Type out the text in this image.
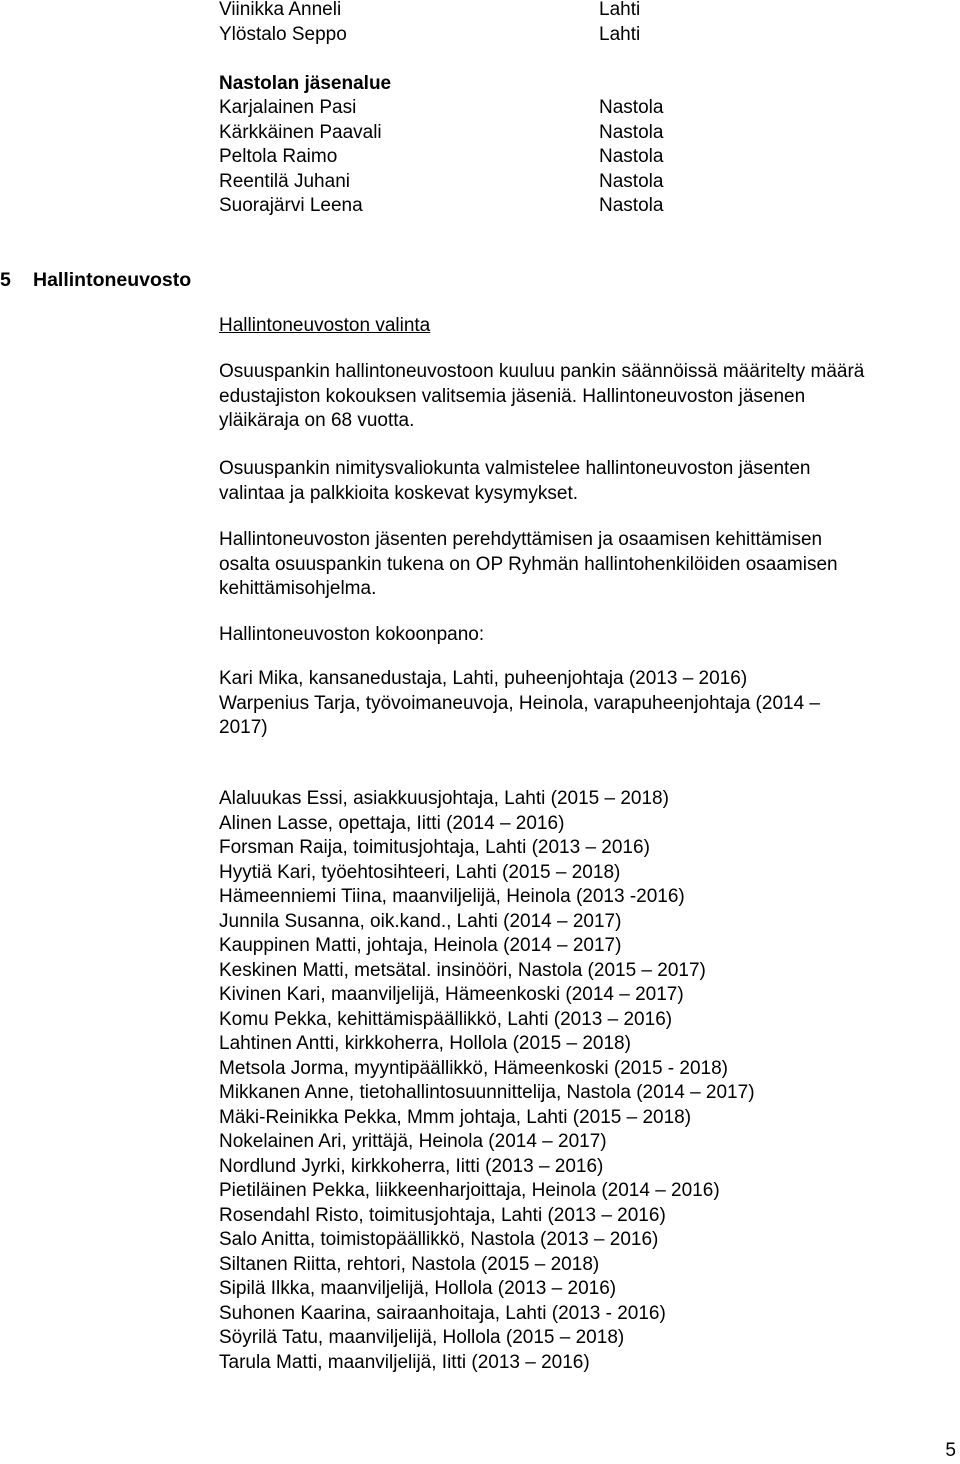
Viinikka Anneli	Lahti
Ylöstalo Seppo	Lahti
Nastolan jäsenalue
Karjalainen Pasi	Nastola
Kärkkäinen Paavali	Nastola
Peltola Raimo	Nastola
Reentilä Juhani	Nastola
Suorajärvi Leena	Nastola
5 Hallintoneuvosto
Hallintoneuvoston valinta
Osuuspankin hallintoneuvostoon kuuluu pankin säännöissä määritelty määrä
edustajiston kokouksen valitsemia jäseniä. Hallintoneuvoston jäsenen
yläikäraja on 68 vuotta.
Osuuspankin nimitysvaliokunta valmistelee hallintoneuvoston jäsenten
valintaa ja palkkioita koskevat kysymykset.
Hallintoneuvoston jäsenten perehdyttämisen ja osaamisen kehittämisen
osalta osuuspankin tukena on OP Ryhmän hallintohenkilöiden osaamisen
kehittämisohjelma.
Hallintoneuvoston kokoonpano:
Kari Mika, kansanedustaja, Lahti, puheenjohtaja (2013 – 2016)
Warpenius Tarja, työvoimaneuvoja, Heinola, varapuheenjohtaja (2014 –
2017)
Alaluukas Essi, asiakkuusjohtaja, Lahti (2015 – 2018)
Alinen Lasse, opettaja, Iitti (2014 – 2016)
Forsman Raija, toimitusjohtaja, Lahti (2013 – 2016)
Hyytiä Kari, työehtosihteeri, Lahti (2015 – 2018)
Hämeenniemi Tiina, maanviljelijä, Heinola (2013 -2016)
Junnila Susanna, oik.kand., Lahti (2014 – 2017)
Kauppinen Matti, johtaja, Heinola (2014 – 2017)
Keskinen Matti, metsätal. insinööri, Nastola (2015 – 2017)
Kivinen Kari, maanviljelijä, Hämeenkoski (2014 – 2017)
Komu Pekka, kehittämispäällikkö, Lahti (2013 – 2016)
Lahtinen Antti, kirkkoherra, Hollola (2015 – 2018)
Metsola Jorma, myyntipäällikkö, Hämeenkoski (2015 - 2018)
Mikkanen Anne, tietohallintosuunnittelija, Nastola (2014 – 2017)
Mäki-Reinikka Pekka, Mmm johtaja, Lahti (2015 – 2018)
Nokelainen Ari, yrittäjä, Heinola (2014 – 2017)
Nordlund Jyrki, kirkkoherra, Iitti (2013 – 2016)
Pietiläinen Pekka, liikkeenharjoittaja, Heinola (2014 – 2016)
Rosendahl Risto, toimitusjohtaja, Lahti (2013 – 2016)
Salo Anitta, toimistopäällikkö, Nastola (2013 – 2016)
Siltanen Riitta, rehtori, Nastola (2015 – 2018)
Sipilä Ilkka, maanviljelijä, Hollola (2013 – 2016)
Suhonen Kaarina, sairaanhoitaja, Lahti (2013 - 2016)
Söyrilä Tatu, maanviljelijä, Hollola (2015 – 2018)
Tarula Matti, maanviljelijä, Iitti (2013 – 2016)
5
